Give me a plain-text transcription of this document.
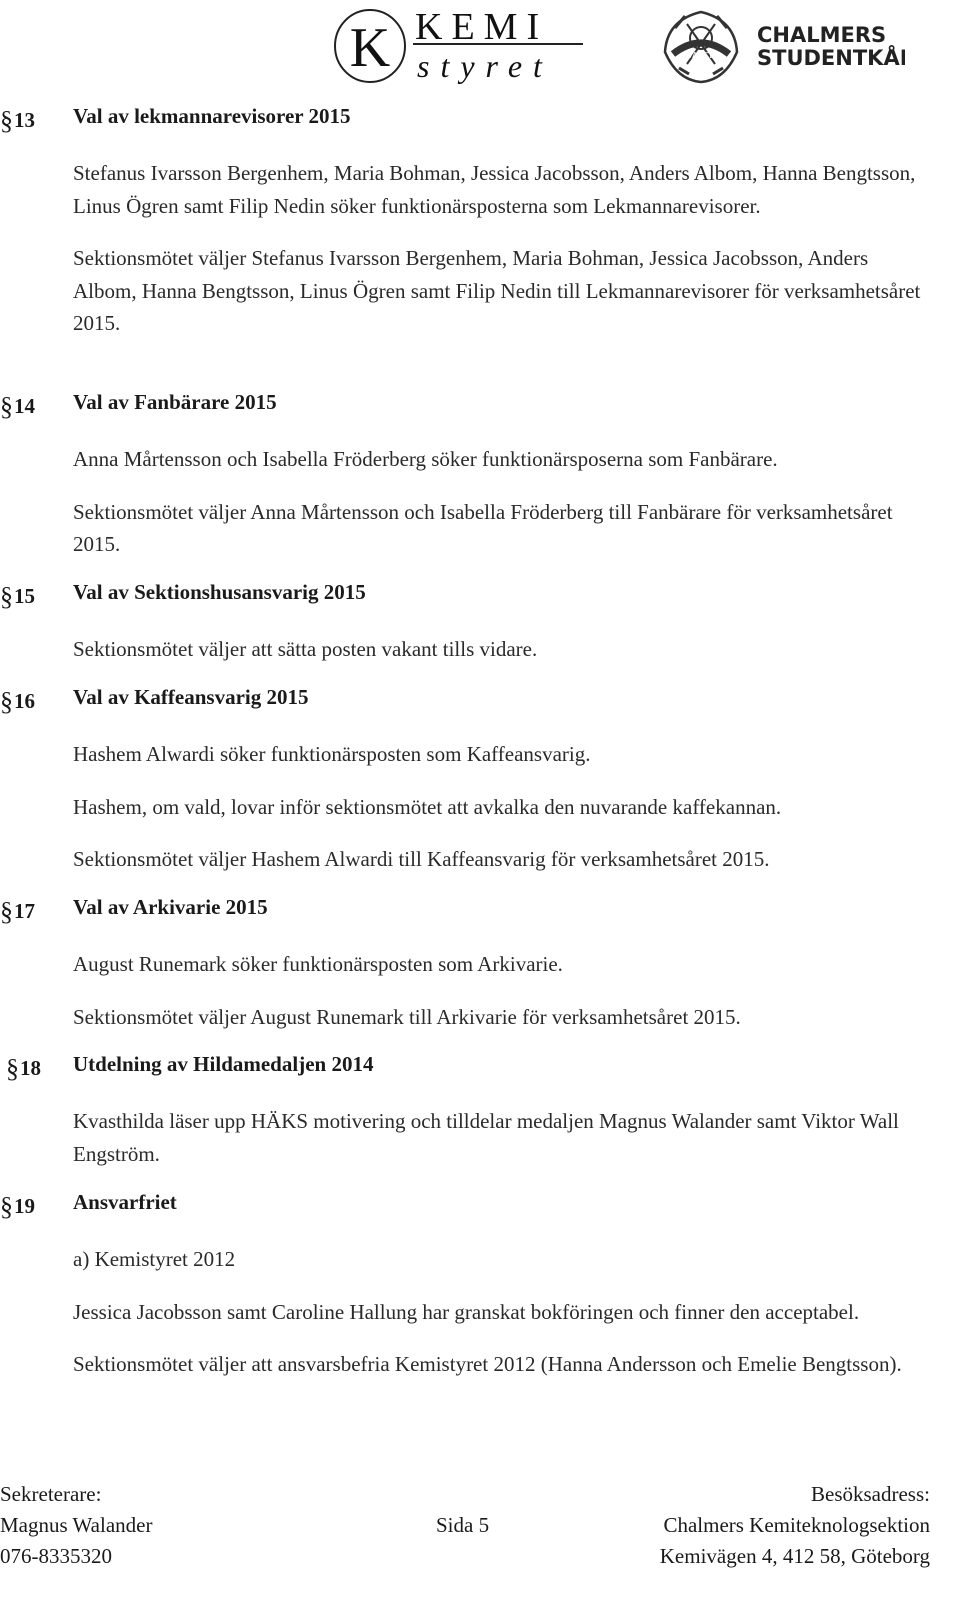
K KEMI
styret	AVANCEZ
CHALMERS
STUDENTKÅR
§13 Val av lekmannarevisorer 2015
Stefanus Ivarsson Bergenhem, Maria Bohman, Jessica Jacobsson, Anders Albom, Hanna Bengtsson, Linus Ögren samt Filip Nedin söker funktionärsposterna som Lekmannarevisorer.
Sektionsmötet väljer Stefanus Ivarsson Bergenhem, Maria Bohman, Jessica Jacobsson, Anders Albom, Hanna Bengtsson, Linus Ögren samt Filip Nedin till Lekmannarevisorer för verksamhetsåret 2015.
§14 Val av Fanbärare 2015
Anna Mårtensson och Isabella Fröderberg söker funktionärsposerna som Fanbärare.
Sektionsmötet väljer Anna Mårtensson och Isabella Fröderberg till Fanbärare för verksamhetsåret 2015.
§15 Val av Sektionshusansvarig 2015
Sektionsmötet väljer att sätta posten vakant tills vidare.
§16 Val av Kaffeansvarig 2015
Hashem Alwardi söker funktionärsposten som Kaffeansvarig.
Hashem, om vald, lovar inför sektionsmötet att avkalka den nuvarande kaffekannan.
Sektionsmötet väljer Hashem Alwardi till Kaffeansvarig för verksamhetsåret 2015.
§17 Val av Arkivarie 2015
August Runemark söker funktionärsposten som Arkivarie.
Sektionsmötet väljer August Runemark till Arkivarie för verksamhetsåret 2015.
§18 Utdelning av Hildamedaljen 2014
Kvasthilda läser upp HÄKS motivering och tilldelar medaljen Magnus Walander samt Viktor Wall Engström.
§19 Ansvarfriet
a) Kemistyret 2012
Jessica Jacobsson samt Caroline Hallung har granskat bokföringen och finner den acceptabel.
Sektionsmötet väljer att ansvarsbefria Kemistyret 2012 (Hanna Andersson och Emelie Bengtsson).
Sekreterare:
Magnus Walander
076-8335320
Sida 5
Besöksadress:
Chalmers Kemiteknologsektion
Kemivägen 4, 412 58, Göteborg
